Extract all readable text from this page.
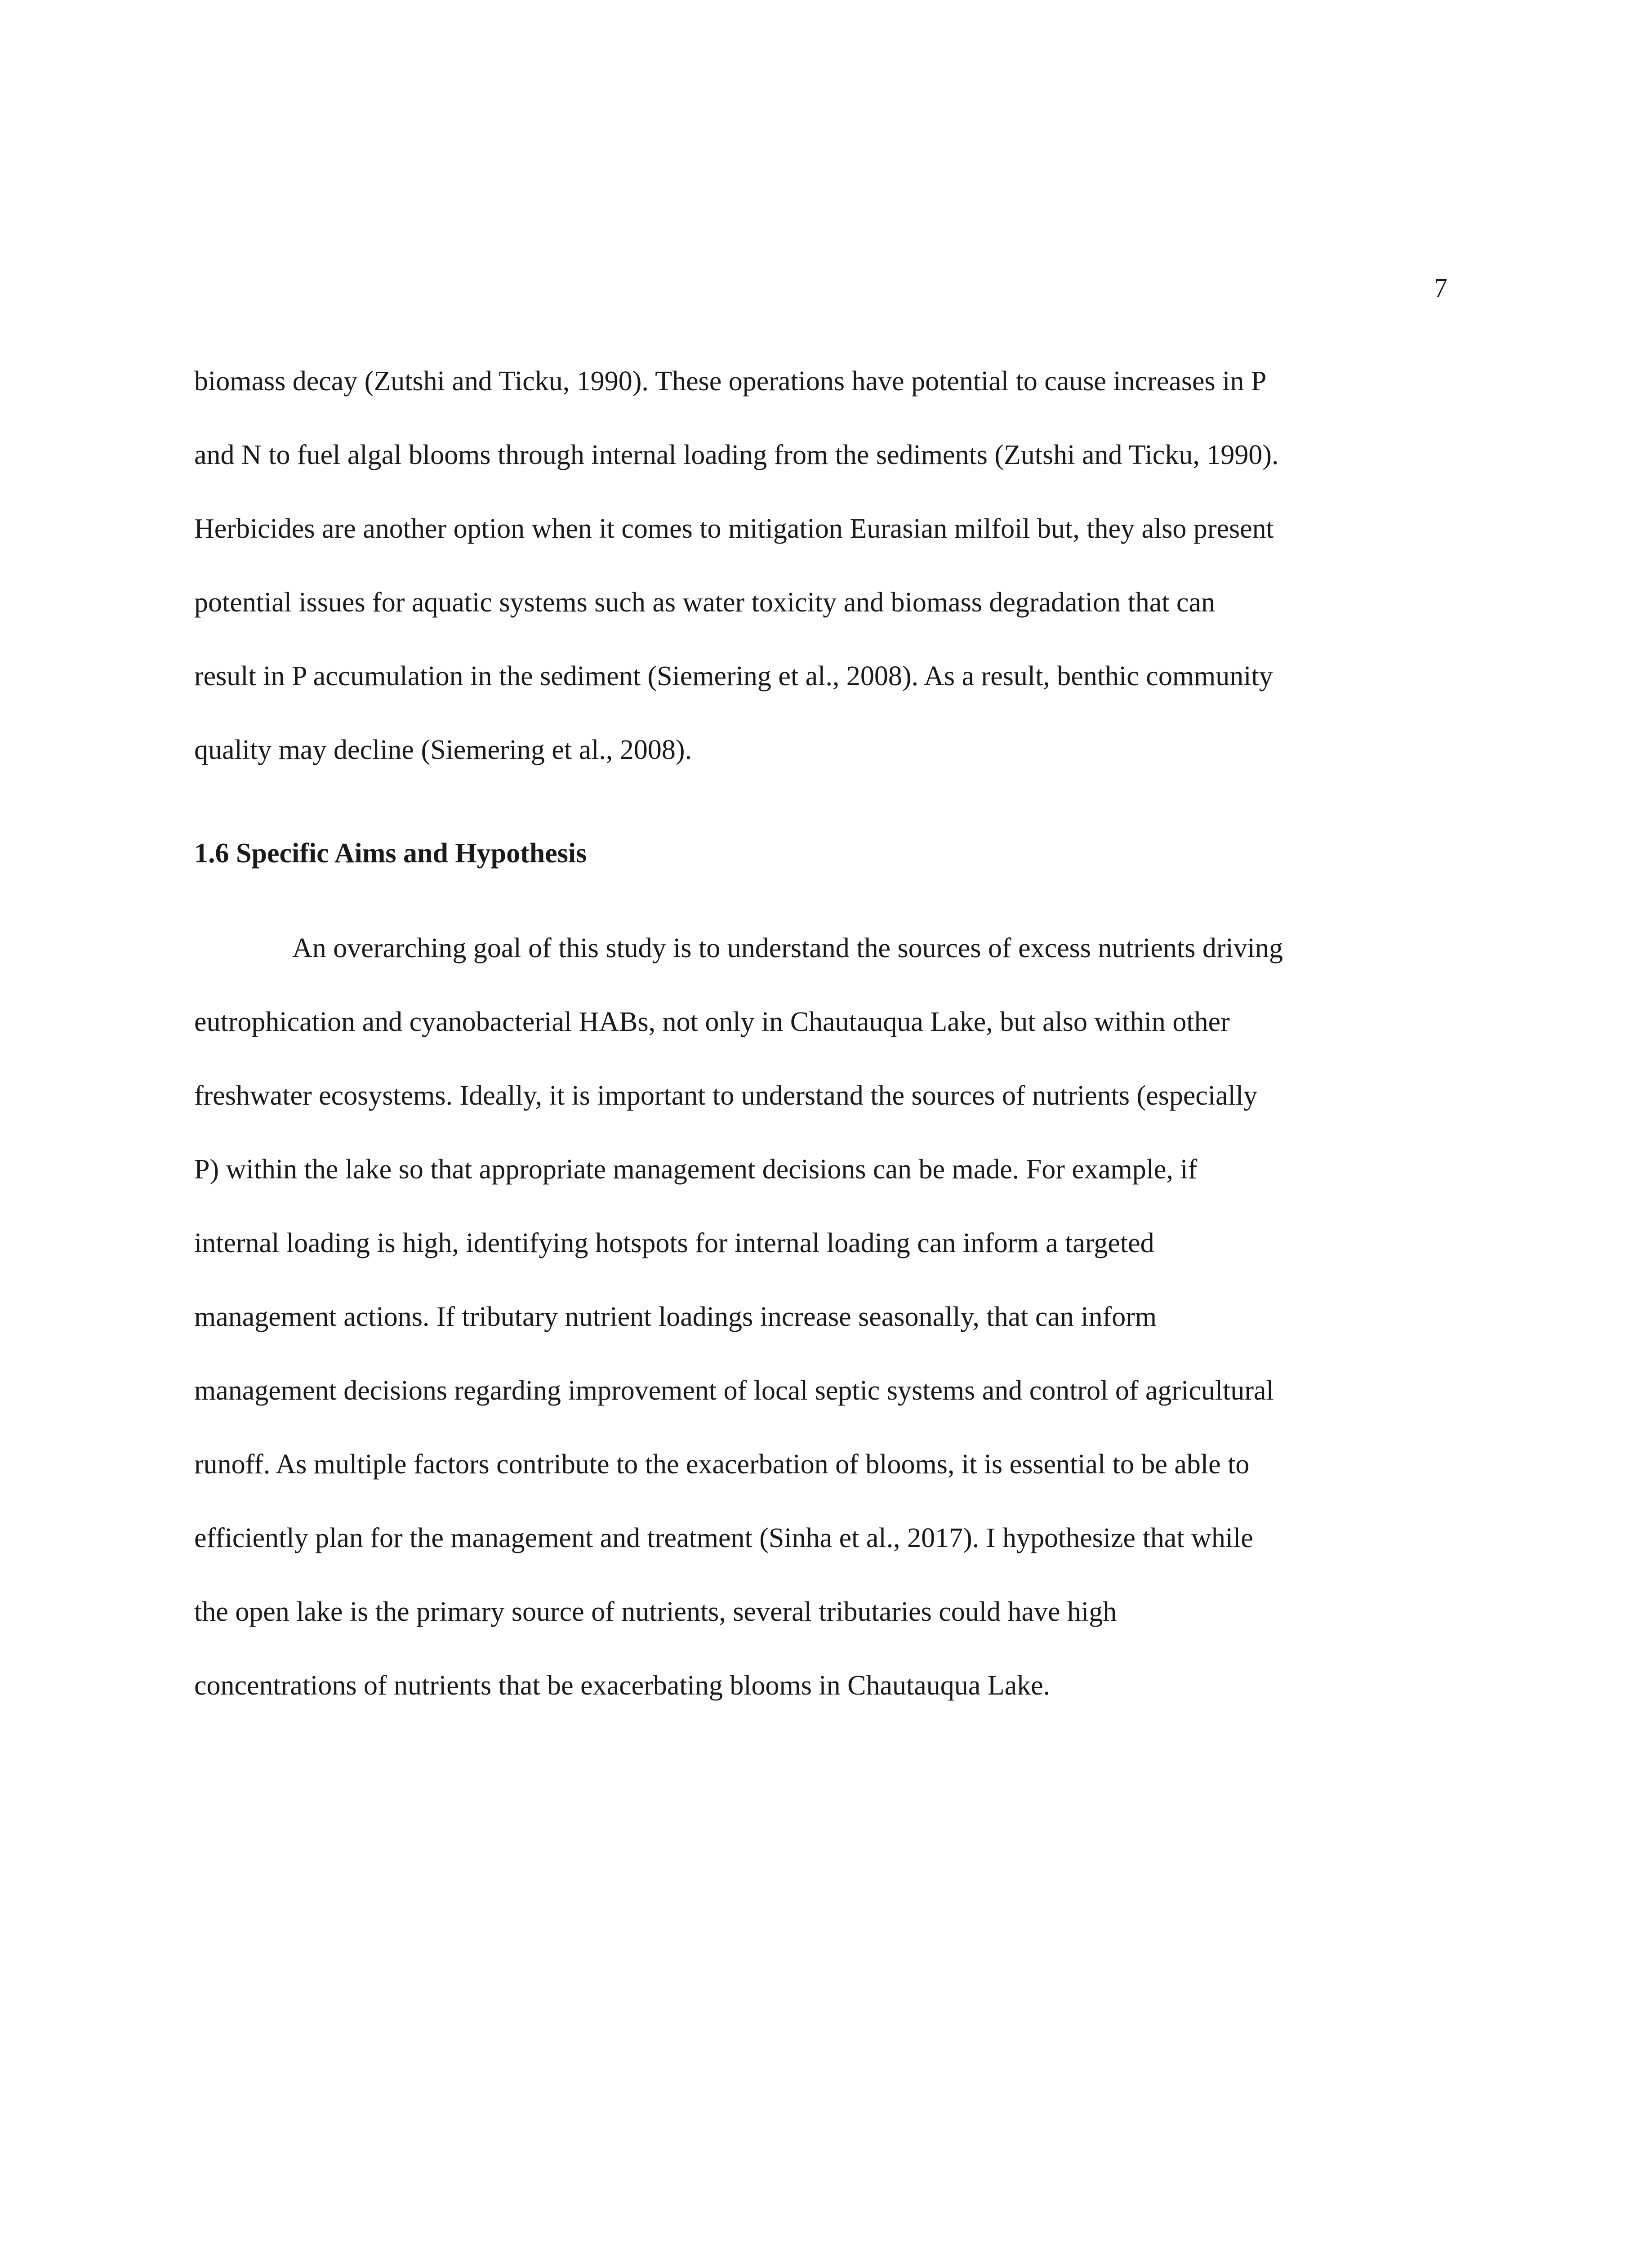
7
biomass decay (Zutshi and Ticku, 1990). These operations have potential to cause increases in P
and N to fuel algal blooms through internal loading from the sediments (Zutshi and Ticku, 1990).
Herbicides are another option when it comes to mitigation Eurasian milfoil but, they also present
potential issues for aquatic systems such as water toxicity and biomass degradation that can
result in P accumulation in the sediment (Siemering et al., 2008). As a result, benthic community
quality may decline (Siemering et al., 2008).
1.6 Specific Aims and Hypothesis
An overarching goal of this study is to understand the sources of excess nutrients driving
eutrophication and cyanobacterial HABs, not only in Chautauqua Lake, but also within other
freshwater ecosystems. Ideally, it is important to understand the sources of nutrients (especially
P) within the lake so that appropriate management decisions can be made. For example, if
internal loading is high, identifying hotspots for internal loading can inform a targeted
management actions. If tributary nutrient loadings increase seasonally, that can inform
management decisions regarding improvement of local septic systems and control of agricultural
runoff. As multiple factors contribute to the exacerbation of blooms, it is essential to be able to
efficiently plan for the management and treatment (Sinha et al., 2017). I hypothesize that while
the open lake is the primary source of nutrients, several tributaries could have high
concentrations of nutrients that be exacerbating blooms in Chautauqua Lake.
